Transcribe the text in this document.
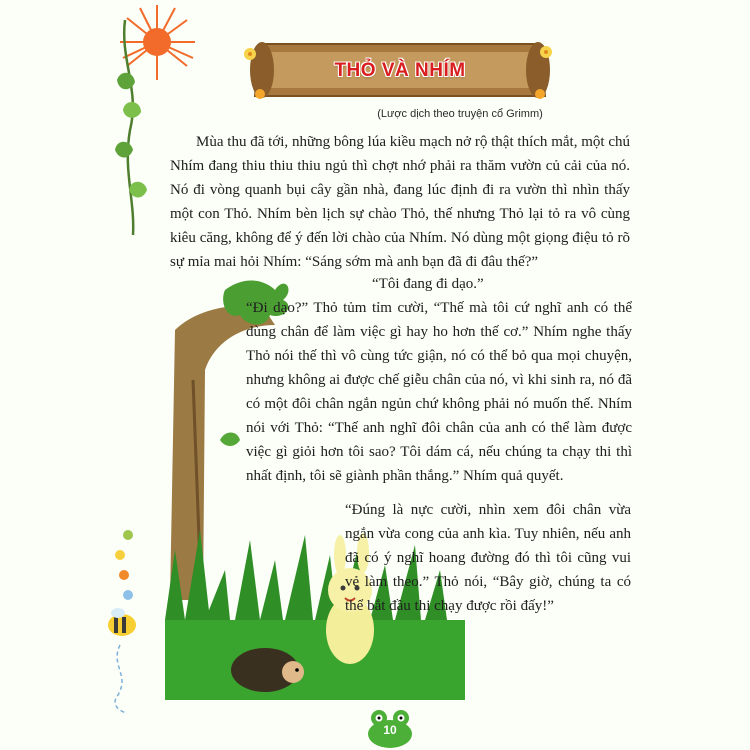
THỎ VÀ NHÍM
(Lược dịch theo truyện cổ Grimm)

Mùa thu đã tới, những bông lúa kiều mạch nở rộ thật thích mắt, một chú Nhím đang thiu thiu thiu ngủ thì chợt nhớ phải ra thăm vườn củ cải của nó. Nó đi vòng quanh bụi cây gần nhà, đang lúc định đi ra vườn thì nhìn thấy một con Thỏ. Nhím bèn lịch sự chào Thỏ, thế nhưng Thỏ lại tỏ ra vô cùng kiêu căng, không để ý đến lời chào của Nhím. Nó dùng một giọng điệu tỏ rõ sự mỉa mai hỏi Nhím: “Sáng sớm mà anh bạn đã đi đâu thế?”

“Tôi đang đi dạo.”

“Đi dạo?” Thỏ tủm tỉm cười, “Thế mà tôi cứ nghĩ anh có thể dùng chân để làm việc gì hay ho hơn thế cơ.” Nhím nghe thấy Thỏ nói thế thì vô cùng tức giận, nó có thể bỏ qua mọi chuyện, nhưng không ai được chế giễu chân của nó, vì khi sinh ra, nó đã có một đôi chân ngắn ngủn chứ không phải nó muốn thế. Nhím nói với Thỏ: “Thế anh nghĩ đôi chân của anh có thể làm được việc gì giỏi hơn tôi sao? Tôi dám cá, nếu chúng ta chạy thi thì nhất định, tôi sẽ giành phần thắng.” Nhím quả quyết.

“Đúng là nực cười, nhìn xem đôi chân vừa ngắn vừa cong của anh kìa. Tuy nhiên, nếu anh đã có ý nghĩ hoang đường đó thì tôi cũng vui vẻ làm theo.” Thỏ nói, “Bây giờ, chúng ta có thể bắt đầu thi chạy được rồi đấy!”

10
